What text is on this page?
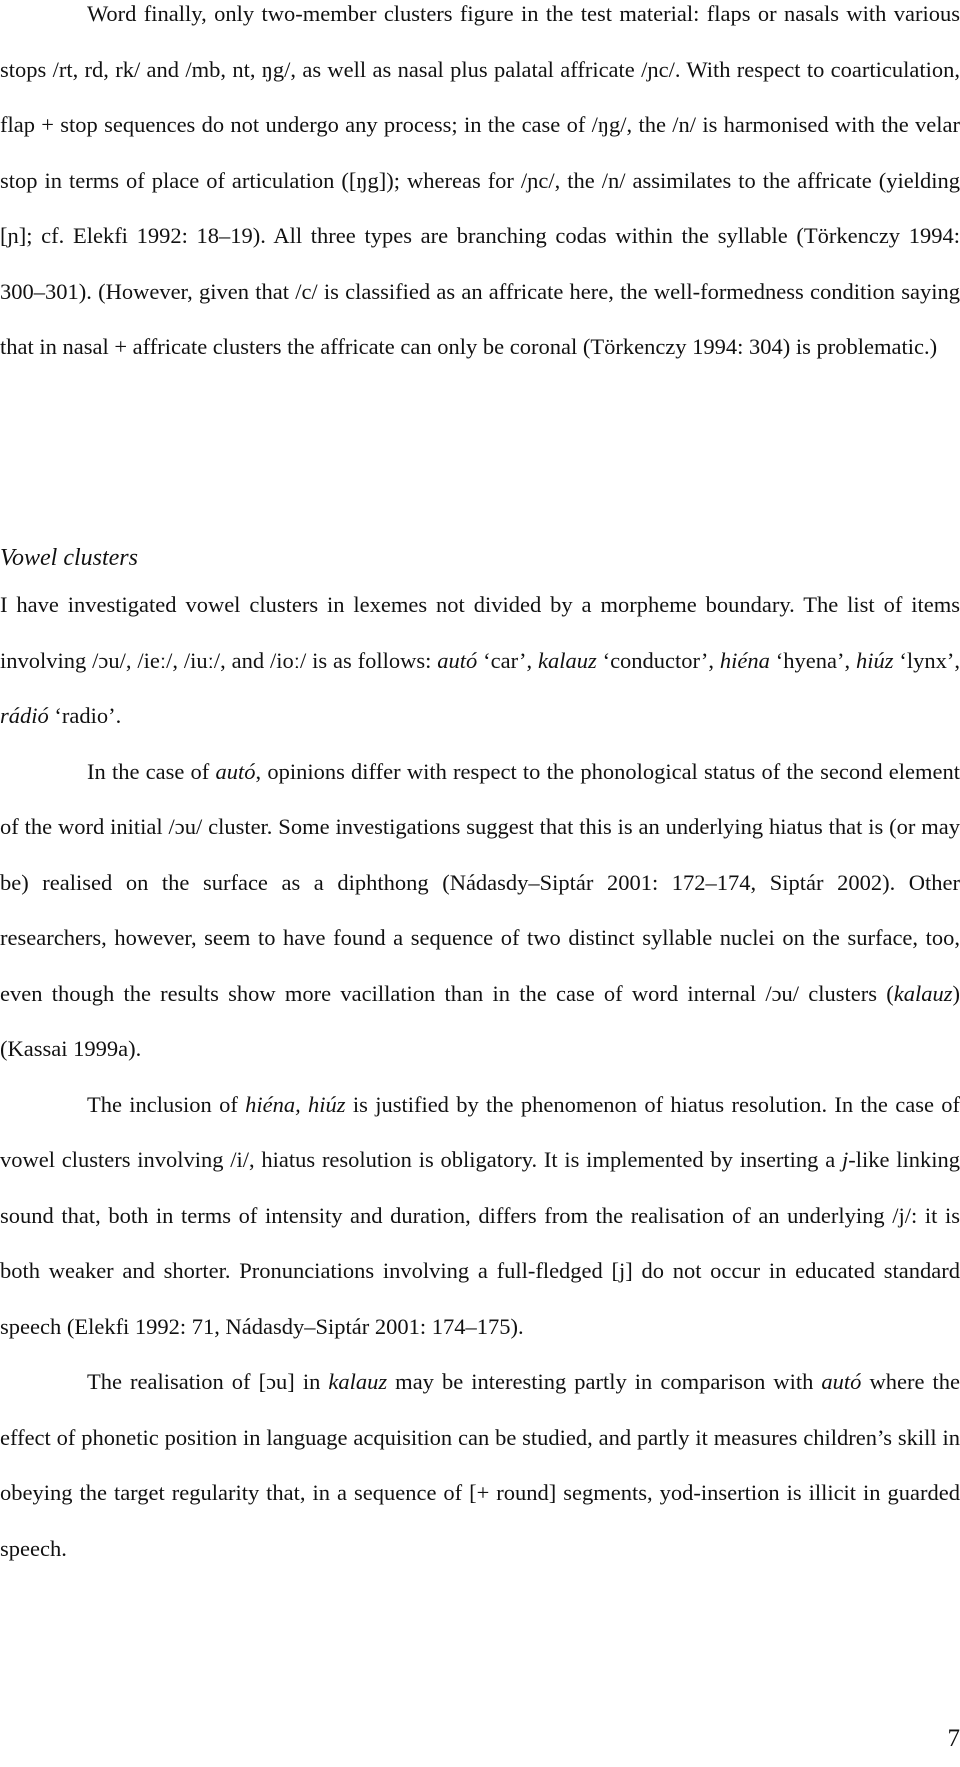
Word finally, only two-member clusters figure in the test material: flaps or nasals with various stops /rt, rd, rk/ and /mb, nt, ŋg/, as well as nasal plus palatal affricate /ɲc/. With respect to coarticulation, flap + stop sequences do not undergo any process; in the case of /ŋg/, the /n/ is harmonised with the velar stop in terms of place of articulation ([ŋg]); whereas for /ɲc/, the /n/ assimilates to the affricate (yielding [ɲ]; cf. Elekfi 1992: 18–19). All three types are branching codas within the syllable (Törkenczy 1994: 300–301). (However, given that /c/ is classified as an affricate here, the well-formedness condition saying that in nasal + affricate clusters the affricate can only be coronal (Törkenczy 1994: 304) is problematic.)

Vowel clusters

I have investigated vowel clusters in lexemes not divided by a morpheme boundary. The list of items involving /ɔu/, /ieː/, /iuː/, and /ioː/ is as follows: autó ‘car’, kalauz ‘conductor’, hiéna ‘hyena’, hiúz ‘lynx’, rádió ‘radio’.

In the case of autó, opinions differ with respect to the phonological status of the second element of the word initial /ɔu/ cluster. Some investigations suggest that this is an underlying hiatus that is (or may be) realised on the surface as a diphthong (Nádasdy–Siptár 2001: 172–174, Siptár 2002). Other researchers, however, seem to have found a sequence of two distinct syllable nuclei on the surface, too, even though the results show more vacillation than in the case of word internal /ɔu/ clusters (kalauz) (Kassai 1999a).

The inclusion of hiéna, hiúz is justified by the phenomenon of hiatus resolution. In the case of vowel clusters involving /i/, hiatus resolution is obligatory. It is implemented by inserting a j-like linking sound that, both in terms of intensity and duration, differs from the realisation of an underlying /j/: it is both weaker and shorter. Pronunciations involving a full-fledged [j] do not occur in educated standard speech (Elekfi 1992: 71, Nádasdy–Siptár 2001: 174–175).

The realisation of [ɔu] in kalauz may be interesting partly in comparison with autó where the effect of phonetic position in language acquisition can be studied, and partly it measures children’s skill in obeying the target regularity that, in a sequence of [+ round] segments, yod-insertion is illicit in guarded speech.

7
